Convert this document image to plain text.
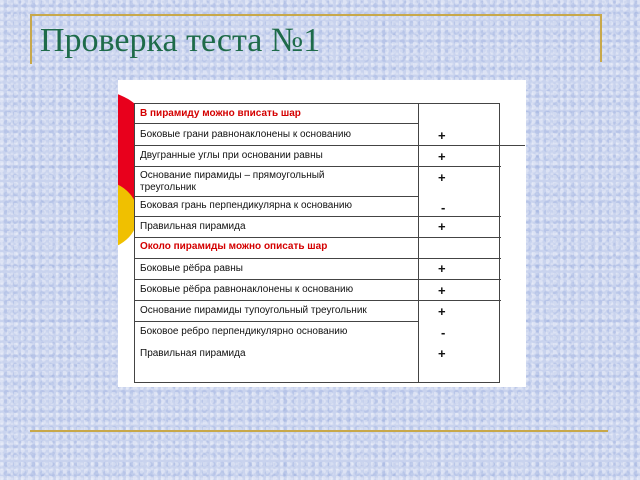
Проверка теста №1
В пирамиду можно вписать шар
Боковые грани равнонаклонены к основанию
Двугранные углы при основании равны
Основание пирамиды – прямоугольный
треугольник
Боковая грань перпендикулярна к основанию
Правильная пирамида
Около пирамиды можно описать шар
Боковые рёбра равны
Боковые рёбра равнонаклонены к основанию
Основание пирамиды тупоугольный треугольник
Боковое ребро перпендикулярно основанию
Правильная пирамида
+
+
+
-
+
+
+
+
-
+
